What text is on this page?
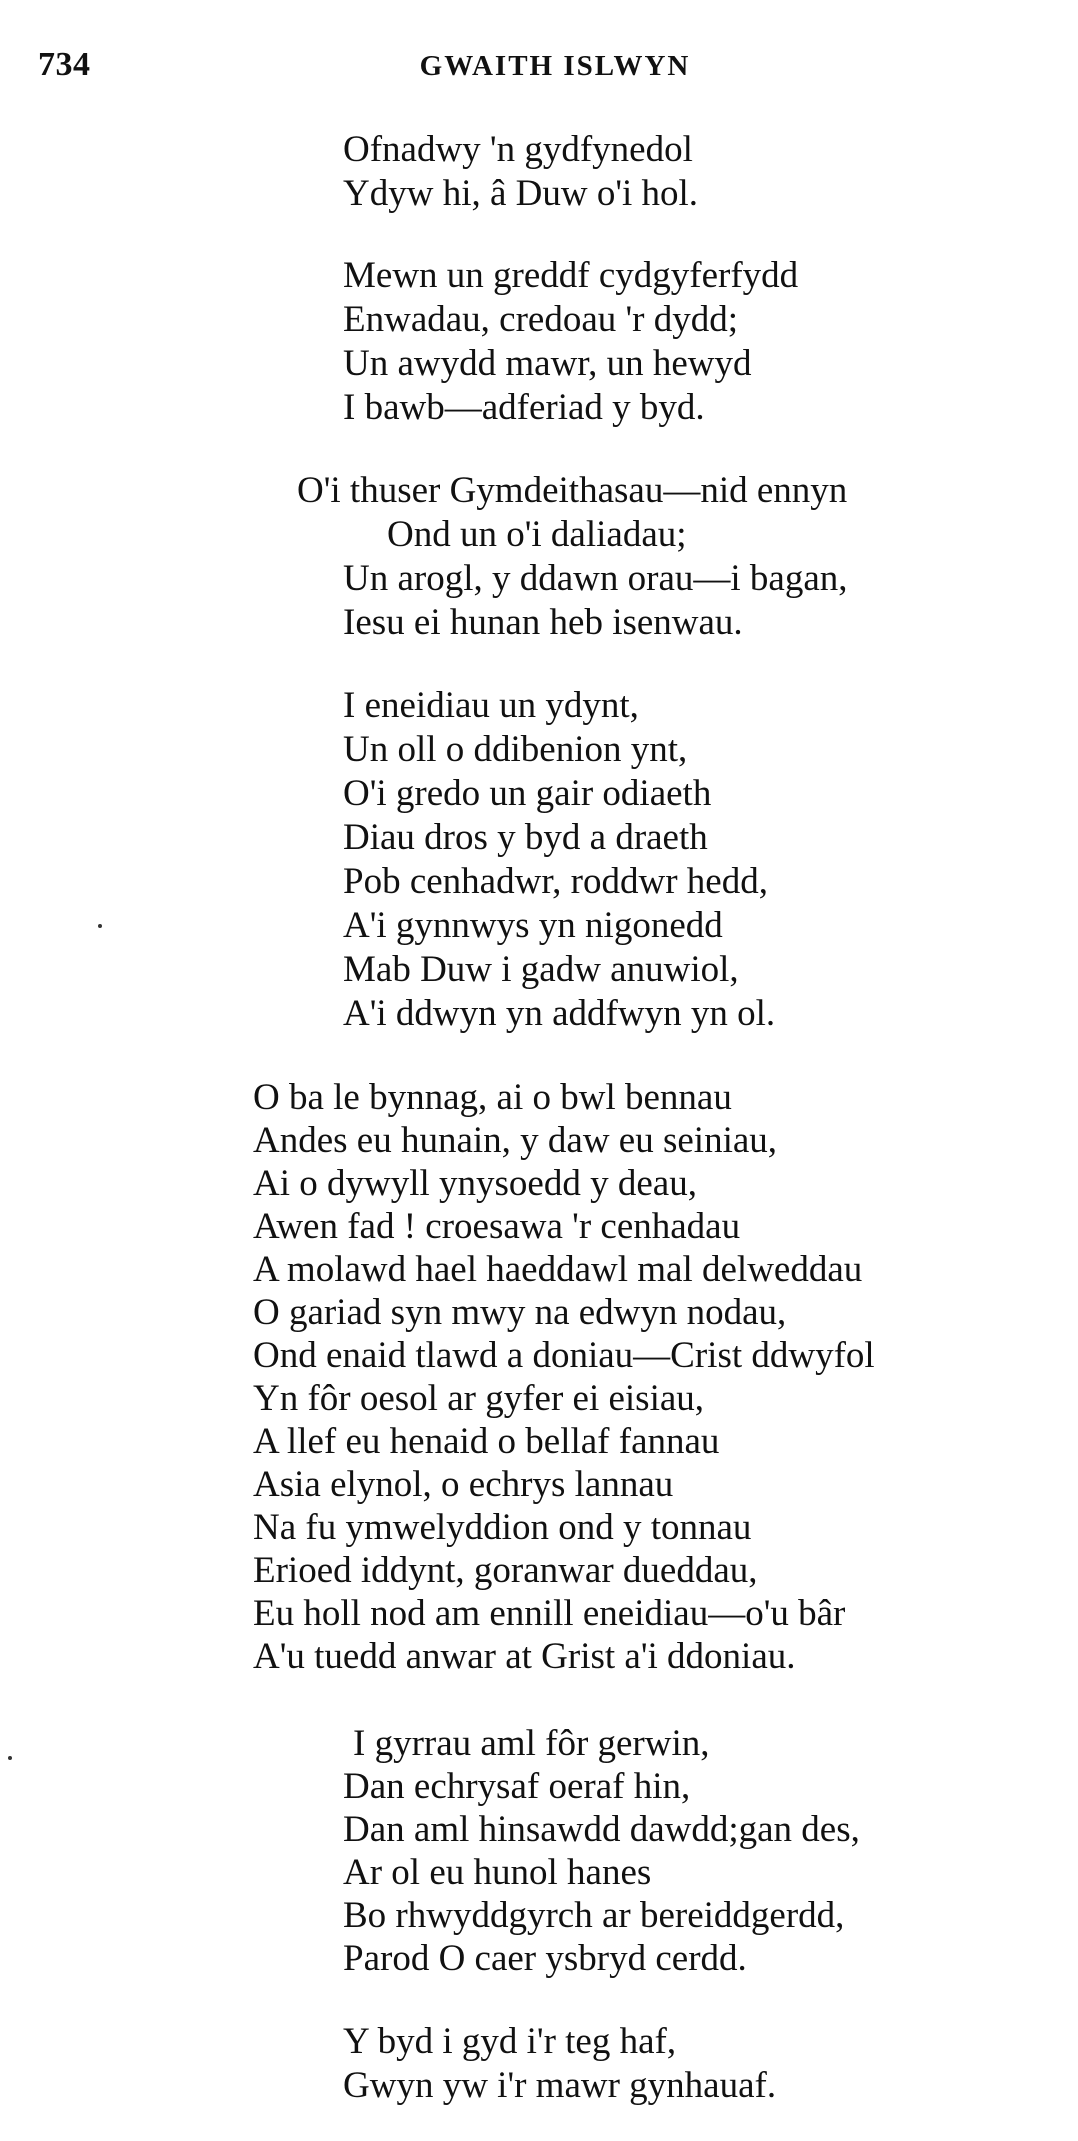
734	GWAITH ISLWYN
Ofnadwy 'n gydfynedol
Ydyw hi, â Duw o'i hol.
Mewn un greddf cydgyferfydd
Enwadau, credoau 'r dydd;
Un awydd mawr, un hewyd
I bawb—adferiad y byd.
O'i thuser Gymdeithasau—nid ennyn
Ond un o'i daliadau;
Un arogl, y ddawn orau—i bagan,
Iesu ei hunan heb isenwau.
I eneidiau un ydynt,
Un oll o ddibenion ynt,
O'i gredo un gair odiaeth
Diau dros y byd a draeth
Pob cenhadwr, roddwr hedd,
A'i gynnwys yn nigonedd
Mab Duw i gadw anuwiol,
A'i ddwyn yn addfwyn yn ol.
O ba le bynnag, ai o bwl bennau
Andes eu hunain, y daw eu seiniau,
Ai o dywyll ynysoedd y deau,
Awen fad ! croesawa 'r cenhadau
A molawd hael haeddawl mal delweddau
O gariad syn mwy na edwyn nodau,
Ond enaid tlawd a doniau—Crist ddwyfol
Yn fôr oesol ar gyfer ei eisiau,
A llef eu henaid o bellaf fannau
Asia elynol, o echrys lannau
Na fu ymwelyddion ond y tonnau
Erioed iddynt, goranwar dueddau,
Eu holl nod am ennill eneidiau—o'u bâr
A'u tuedd anwar at Grist a'i ddoniau.
I gyrrau aml fôr gerwin,
Dan echrysaf oeraf hin,
Dan aml hinsawdd dawdd;gan des,
Ar ol eu hunol hanes
Bo rhwyddgyrch ar bereiddgerdd,
Parod O caer ysbryd cerdd.
Y byd i gyd i'r teg haf,
Gwyn yw i'r mawr gynhauaf.
